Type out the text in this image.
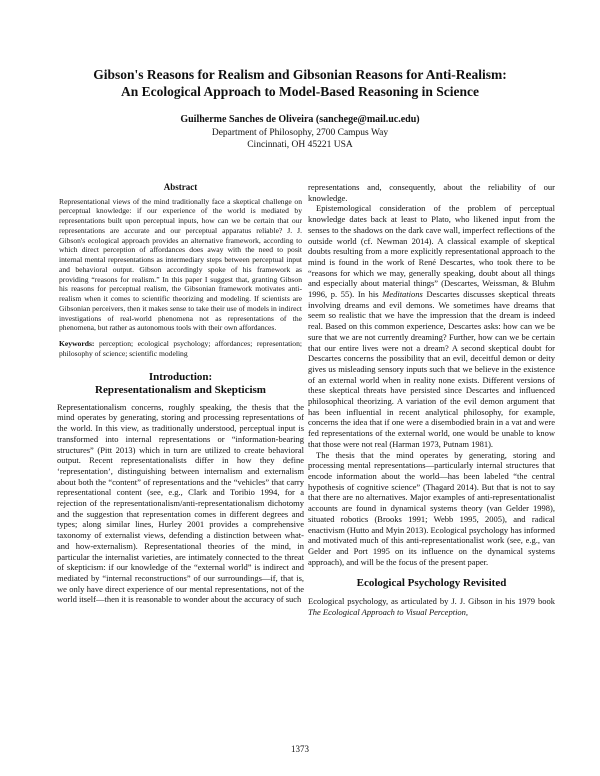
Gibson's Reasons for Realism and Gibsonian Reasons for Anti-Realism:
An Ecological Approach to Model-Based Reasoning in Science
Guilherme Sanches de Oliveira (sanchege@mail.uc.edu)
Department of Philosophy, 2700 Campus Way
Cincinnati, OH 45221 USA
Abstract

Representational views of the mind traditionally face a skeptical challenge on perceptual knowledge: if our experience of the world is mediated by representations built upon perceptual inputs, how can we be certain that our representations are accurate and our perceptual apparatus reliable? J. J. Gibson's ecological approach provides an alternative framework, according to which direct perception of affordances does away with the need to posit internal mental representations as intermediary steps between perceptual input and behavioral output. Gibson accordingly spoke of his framework as providing “reasons for realism.” In this paper I suggest that, granting Gibson his reasons for perceptual realism, the Gibsonian framework motivates anti-realism when it comes to scientific theorizing and modeling. If scientists are Gibsonian perceivers, then it makes sense to take their use of models in indirect investigations of real-world phenomena not as representations of the phenomena, but rather as autonomous tools with their own affordances.

Keywords: perception; ecological psychology; affordances; representation; philosophy of science; scientific modeling

Introduction:
Representationalism and Skepticism

Representationalism concerns, roughly speaking, the thesis that the mind operates by generating, storing and processing representations of the world. In this view, as traditionally understood, perceptual input is transformed into internal representations or “information-bearing structures” (Pitt 2013) which in turn are utilized to create behavioral output. Recent representationalists differ in how they define ‘representation’, distinguishing between internalism and externalism about both the “content” of representations and the “vehicles” that carry representational content (see, e.g., Clark and Toribio 1994, for a rejection of the representationalism/anti-representationalism dichotomy and the suggestion that representation comes in different degrees and types; along similar lines, Hurley 2001 provides a comprehensive taxonomy of externalist views, defending a distinction between what- and how-externalism). Representational theories of the mind, in particular the internalist varieties, are intimately connected to the threat of skepticism: if our knowledge of the “external world” is indirect and mediated by “internal reconstructions” of our surroundings—if, that is, we only have direct experience of our mental representations, not of the world itself—then it is reasonable to wonder about the accuracy of such

representations and, consequently, about the reliability of our knowledge.

Epistemological consideration of the problem of perceptual knowledge dates back at least to Plato, who likened input from the senses to the shadows on the dark cave wall, imperfect reflections of the outside world (cf. Newman 2014). A classical example of skeptical doubts resulting from a more explicitly representational approach to the mind is found in the work of René Descartes, who took there to be “reasons for which we may, generally speaking, doubt about all things and especially about material things” (Descartes, Weissman, & Bluhm 1996, p. 55). In his Meditations Descartes discusses skeptical threats involving dreams and evil demons. We sometimes have dreams that seem so realistic that we have the impression that the dream is indeed real. Based on this common experience, Descartes asks: how can we be sure that we are not currently dreaming? Further, how can we be certain that our entire lives were not a dream? A second skeptical doubt for Descartes concerns the possibility that an evil, deceitful demon or deity gives us misleading sensory inputs such that we believe in the existence of an external world when in reality none exists. Different versions of these skeptical threats have persisted since Descartes and influenced philosophical theorizing. A variation of the evil demon argument that has been influential in recent analytical philosophy, for example, concerns the idea that if one were a disembodied brain in a vat and were fed representations of the external world, one would be unable to know that those were not real (Harman 1973, Putnam 1981).

The thesis that the mind operates by generating, storing and processing mental representations—particularly internal structures that encode information about the world—has been labeled “the central hypothesis of cognitive science” (Thagard 2014). But that is not to say that there are no alternatives. Major examples of anti-representationalist accounts are found in dynamical systems theory (van Gelder 1998), situated robotics (Brooks 1991; Webb 1995, 2005), and radical enactivism (Hutto and Myin 2013). Ecological psychology has informed and motivated much of this anti-representationalist work (see, e.g., van Gelder and Port 1995 on its influence on the dynamical systems approach), and will be the focus of the present paper.

Ecological Psychology Revisited

Ecological psychology, as articulated by J. J. Gibson in his 1979 book The Ecological Approach to Visual Perception,

1373
